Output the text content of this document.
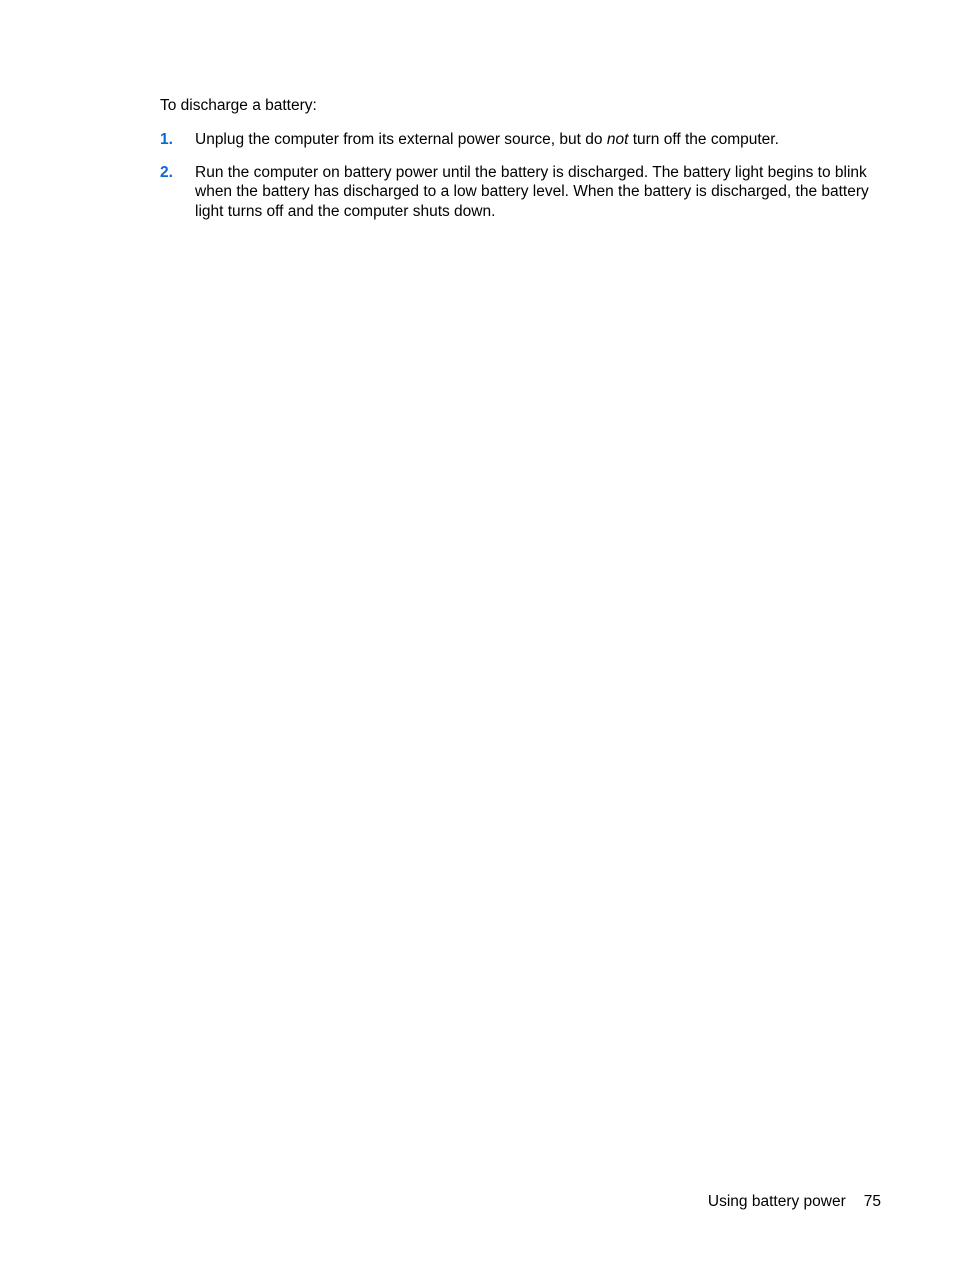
To discharge a battery:

1. Unplug the computer from its external power source, but do not turn off the computer.
2. Run the computer on battery power until the battery is discharged. The battery light begins to blink when the battery has discharged to a low battery level. When the battery is discharged, the battery light turns off and the computer shuts down.
Using battery power 75
